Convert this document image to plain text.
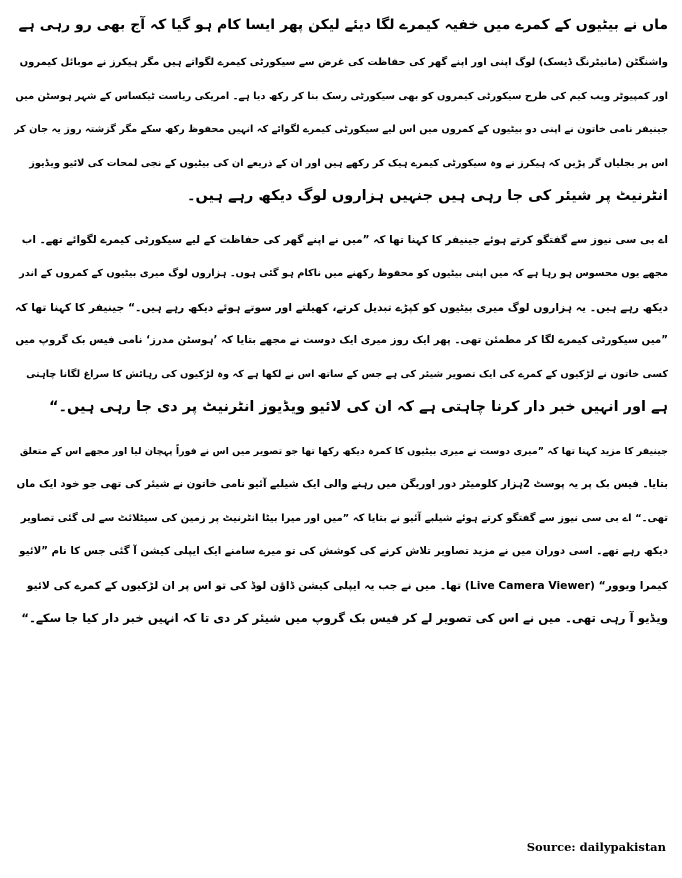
ماں نے بیٹیوں کے کمرے میں خفیہ کیمرے لگا دیئے لیکن پھر ایسا کام ہو گیا کہ آج بھی رو رہی ہے
واشنگٹن (مانیٹرنگ ڈیسک) لوگ اپنی اور اپنے گھر کی حفاظت کی غرض سے سیکورٹی کیمرے لگواتے ہیں مگر ہیکرز نے موبائل کیمروں
اور کمپیوٹر ویب کیم کی طرح سیکورٹی کیمروں کو بھی سیکورٹی رسک بنا کر رکھ دیا ہے۔ امریکی ریاست ٹیکساس کے شہر ہوسٹن میں
جینیفر نامی خاتون نے اپنی دو بیٹیوں کے کمروں میں اس لیے سیکورٹی کیمرے لگوائے کہ انہیں محفوظ رکھ سکے مگر گزشتہ روز یہ جان کر
اس پر بجلیاں گر پڑیں کہ ہیکرز نے وہ سیکورٹی کیمرے ہیک کر رکھے ہیں اور ان کے ذریعے ان کی بیٹیوں کے نجی لمحات کی لائیو ویڈیوز
انٹرنیٹ پر شیئر کی جا رہی ہیں جنہیں ہزاروں لوگ دیکھ رہے ہیں۔
اے بی سی نیوز سے گفتگو کرتے ہوئے جینیفر کا کہنا تھا کہ ”میں نے اپنے گھر کی حفاظت کے لیے سیکورٹی کیمرے لگوائے تھے۔ اب
مجھے یوں محسوس ہو رہا ہے کہ میں اپنی بیٹیوں کو محفوظ رکھنے میں ناکام ہو گئی ہوں۔ ہزاروں لوگ میری بیٹیوں کے کمروں کے اندر
دیکھ رہے ہیں۔ یہ ہزاروں لوگ میری بیٹیوں کو کپڑے تبدیل کرتے، کھیلتے اور سوتے ہوئے دیکھ رہے ہیں۔“ جینیفر کا کہنا تھا کہ
”میں سیکورٹی کیمرے لگا کر مطمئن تھی۔ پھر ایک روز میری ایک دوست نے مجھے بتایا کہ ’ہوسٹن مدرز‘ نامی فیس بک گروپ میں
کسی خاتون نے لڑکیوں کے کمرے کی ایک تصویر شیئر کی ہے جس کے ساتھ اس نے لکھا ہے کہ وہ لڑکیوں کی رہائش کا سراغ لگانا چاہتی
ہے اور انہیں خبر دار کرنا چاہتی ہے کہ ان کی لائیو ویڈیوز انٹرنیٹ پر دی جا رہی ہیں۔“
جینیفر کا مزید کہنا تھا کہ ”میری دوست نے میری بیٹیوں کا کمرہ دیکھ رکھا تھا جو تصویر میں اس نے فوراً پہچان لیا اور مجھے اس کے متعلق
بتایا۔ فیس بک پر یہ پوسٹ 2ہزار کلومیٹر دور اوریگن میں رہنے والی ایک شیلبے آئیو نامی خاتون نے شیئر کی تھی جو خود ایک ماں
تھی۔“ اے بی سی نیوز سے گفتگو کرتے ہوئے شیلبے آئیو نے بتایا کہ ”میں اور میرا بیٹا انٹرنیٹ پر زمین کی سیٹلائٹ سے لی گئی تصاویر
دیکھ رہے تھے۔ اسی دوران میں نے مزید تصاویر تلاش کرنے کی کوشش کی تو میرے سامنے ایک ایپلی کیشن آ گئی جس کا نام ”لائیو
کیمرا ویوور“ (Live Camera Viewer) تھا۔ میں نے جب یہ ایپلی کیشن ڈاؤن لوڈ کی تو اس پر ان لڑکیوں کے کمرے کی لائیو
ویڈیو آ رہی تھی۔ میں نے اس کی تصویر لے کر فیس بک گروپ میں شیئر کر دی تا کہ انہیں خبر دار کیا جا سکے۔“
Source: dailypakistan
